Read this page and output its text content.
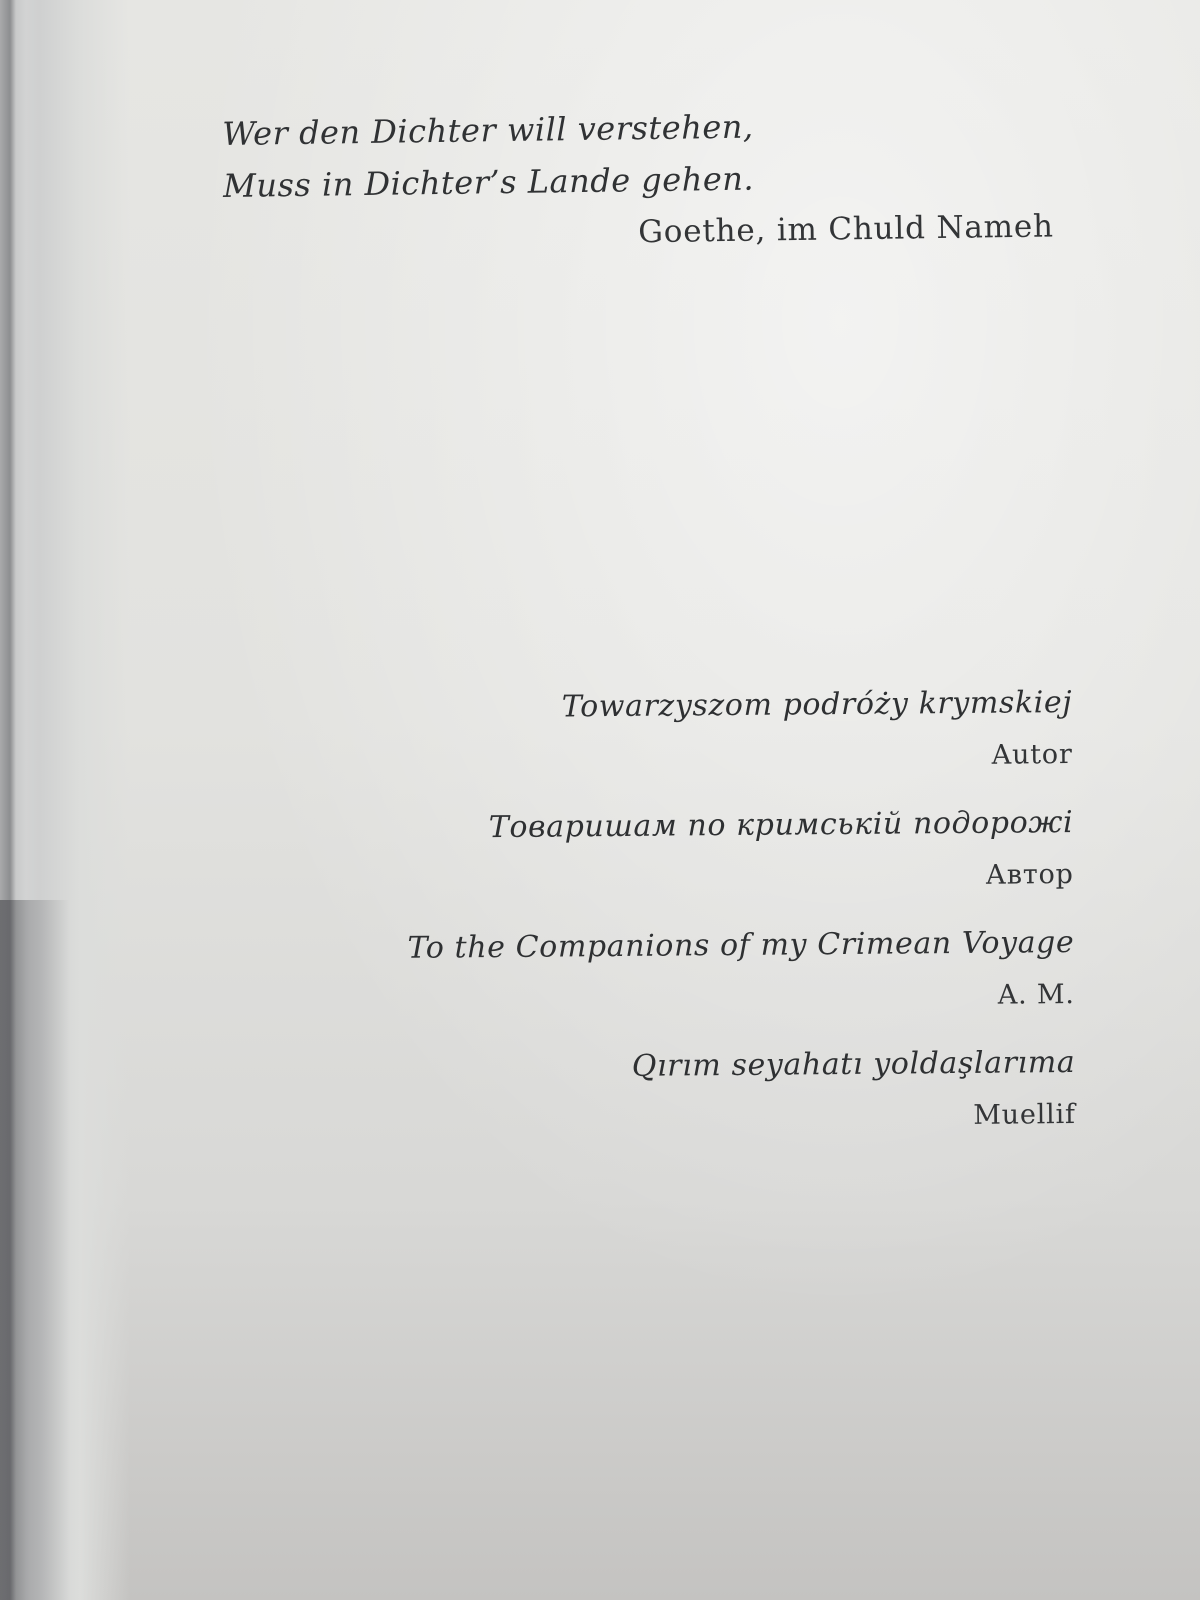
Wer den Dichter will verstehen,
Muss in Dichter’s Lande gehen.
Goethe, im Chuld Nameh
Towarzyszom podróży krymskiej
Autor
Товаришам по кримській подорожі
Автор
To the Companions of my Crimean Voyage
A. M.
Qırım seyahatı yoldaşlarıma
Muellif
